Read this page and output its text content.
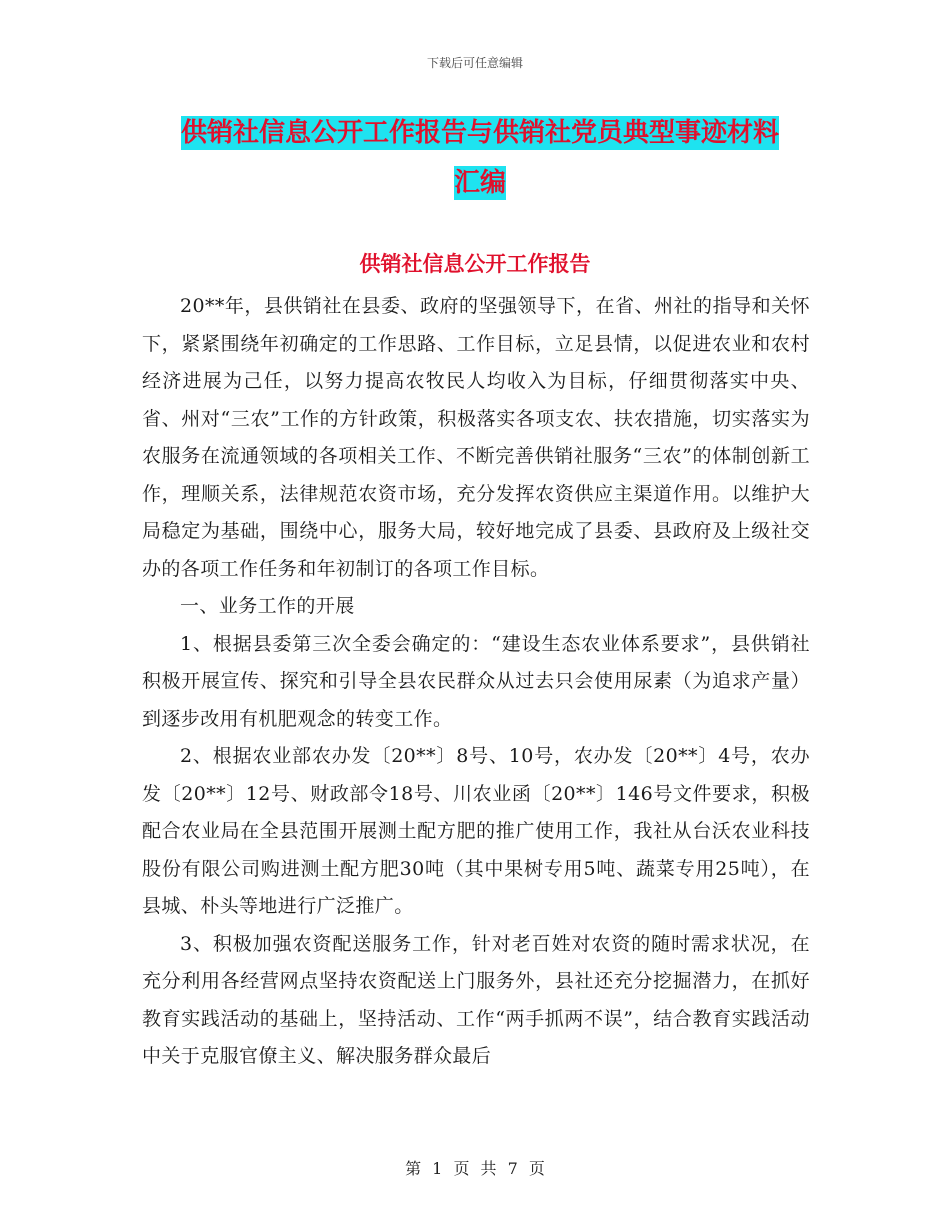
下载后可任意编辑
供销社信息公开工作报告与供销社党员典型事迹材料
汇编
供销社信息公开工作报告

20**年，县供销社在县委、政府的坚强领导下，在省、州社的指导和关怀下，紧紧围绕年初确定的工作思路、工作目标，立足县情，以促进农业和农村经济进展为己任，以努力提高农牧民人均收入为目标，仔细贯彻落实中央、省、州对“三农”工作的方针政策，积极落实各项支农、扶农措施，切实落实为农服务在流通领域的各项相关工作、不断完善供销社服务“三农”的体制创新工作，理顺关系，法律规范农资市场，充分发挥农资供应主渠道作用。以维护大局稳定为基础，围绕中心，服务大局，较好地完成了县委、县政府及上级社交办的各项工作任务和年初制订的各项工作目标。

一、业务工作的开展

1、根据县委第三次全委会确定的：“建设生态农业体系要求”，县供销社积极开展宣传、探究和引导全县农民群众从过去只会使用尿素（为追求产量）到逐步改用有机肥观念的转变工作。

2、根据农业部农办发〔20**〕8号、10号，农办发〔20**〕4号，农办发〔20**〕12号、财政部令18号、川农业函〔20**〕146号文件要求，积极配合农业局在全县范围开展测土配方肥的推广使用工作，我社从台沃农业科技股份有限公司购进测土配方肥30吨（其中果树专用5吨、蔬菜专用25吨），在县城、朴头等地进行广泛推广。

3、积极加强农资配送服务工作，针对老百姓对农资的随时需求状况，在充分利用各经营网点坚持农资配送上门服务外，县社还充分挖掘潜力，在抓好教育实践活动的基础上，坚持活动、工作“两手抓两不误”，结合教育实践活动中关于克服官僚主义、解决服务群众最后

第 1 页 共 7 页
